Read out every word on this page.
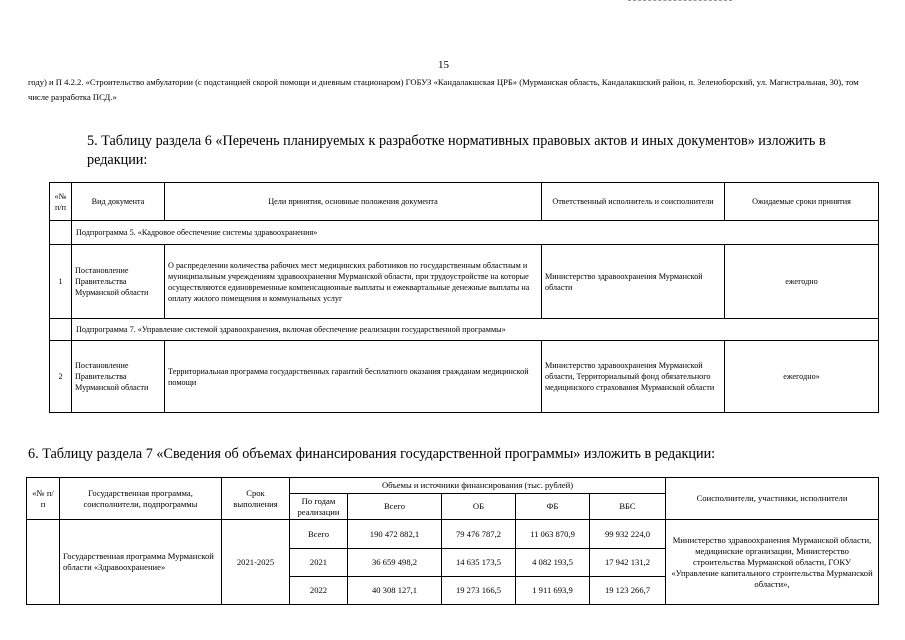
15
году) и П 4.2.2. «Строительство амбулатории (с подстанцией скорой помощи и дневным стационаром) ГОБУЗ «Кандалакшская ЦРБ» (Мурманская область, Кандалакшский район, п. Зеленоборский, ул. Магистральная, 30), том числе разработка ПСД.»
5. Таблицу раздела 6 «Перечень планируемых к разработке нормативных правовых актов и иных документов» изложить в редакции:
«№ п/п	Вид документа	Цели принятия, основные положения документа	Ответственный исполнитель и соисполнители	Ожидаемые сроки принятия
	Подпрограмма 5. «Кадровое обеспечение системы здравоохранения»			
1	Постановление Правительства Мурманской области	О распределении количества рабочих мест медицинских работников по государственным областным и муниципальным учреждениям здравоохранения Мурманской области, при трудоустройстве на которые осуществляются единовременные компенсационные выплаты и ежеквартальные денежные выплаты на оплату жилого помещения и коммунальных услуг	Министерство здравоохранения Мурманской области	ежегодно
	Подпрограмма 7. «Управление системой здравоохранения, включая обеспечение реализации государственной программы»			
2	Постановление Правительства Мурманской области	Территориальная программа государственных гарантий бесплатного оказания гражданам медицинской помощи	Министерство здравоохранения Мурманской области, Территориальный фонд обязательного медицинского страхования Мурманской области	ежегодно»
6. Таблицу раздела 7 «Сведения об объемах финансирования государственной программы» изложить в редакции:
«№ п/п	Государственная программа, соисполнители, подпрограммы	Срок выполнения	Объемы и источники финансирования (тыс. рублей)					Соисполнители, участники, исполнители
			По годам реализации	Всего	ОБ	ФБ	ВБС	
	Государственная программа Мурманской области «Здравоохранение»	2021-2025	Всего	190 472 882,1	79 476 787,2	11 063 870,9	99 932 224,0	Министерство здравоохранения Мурманской области, медицинские организации, Министерство строительства Мурманской области, ГОКУ «Управление капитального строительства Мурманской области»,
			2021	36 659 498,2	14 635 173,5	4 082 193,5	17 942 131,2	
			2022	40 308 127,1	19 273 166,5	1 911 693,9	19 123 266,7	
